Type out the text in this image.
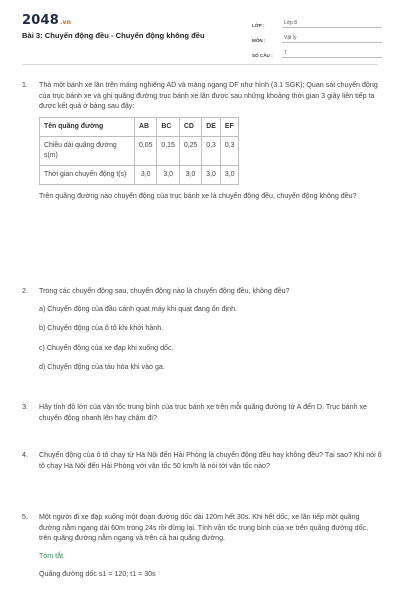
2048.vn
Bài 3: Chuyển động đều - Chuyển động không đều
LỚP :	Lớp 8
MÔN :	Vật lý
SỐ CÂU :	7
1.	Thả một bánh xe lăn trên máng nghiêng AD và máng ngang DF như hình (3.1 SGK); Quan sát chuyển động của trục bánh xe và ghi quãng đường trục bánh xe lăn được sau những khoảng thời gian 3 giây liên tiếp ta được kết quả ở bảng sau đây:

Tên quãng đường	AB	BC	CD	DE	EF
Chiều dài quãng đường s(m)	0,05	0,15	0,25	0,3	0,3
Thời gian chuyển động t(s)	3,0	3,0	3,0	3,0	3,0

Trên quãng đường nào chuyển động của trục bánh xe là chuyển động đều, chuyển động không đều?

2.	Trong các chuyển động sau, chuyển động nào là chuyển động đều, không đều?

a) Chuyển động của đầu cánh quạt máy khi quạt đang ổn định.
b) Chuyển động của ô tô khi khởi hành.
c) Chuyển động của xe đạp khi xuống dốc.
d) Chuyển động của tàu hỏa khi vào ga.
3.	Hãy tính độ lớn của vận tốc trung bình của trục bánh xe trên mỗi quãng đường từ A đến D. Trục bánh xe chuyển động nhanh lên hay chậm đi?

4.	Chuyển động của ô tô chạy từ Hà Nội đến Hải Phòng là chuyển động đều hay không đều? Tại sao? Khi nói ô tô chạy Hà Nội đến Hải Phòng với vận tốc 50 km/h là nói tới vận tốc nào?

5.	Một người đi xe đạp xuống một đoạn đường dốc dài 120m hết 30s. Khi hết dốc, xe lăn tiếp một quãng đường nằm ngang dài 60m trong 24s rồi dừng lại. Tính vận tốc trung bình của xe trên quãng đường dốc, trên quãng đường nằm ngang và trên cả hai quãng đường.

Tóm tắt
Quãng đường dốc s1 = 120; t1 = 30s
